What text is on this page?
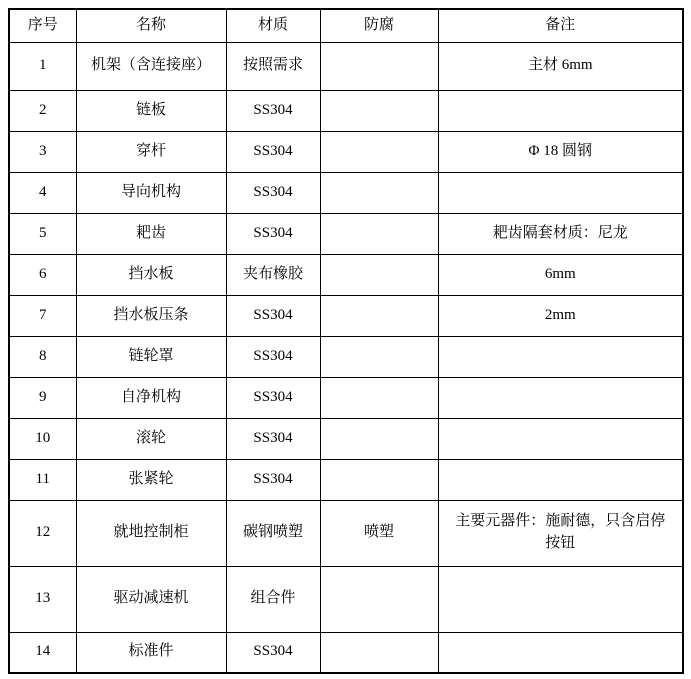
序号	名称	材质	防腐	备注
1	机架（含连接座）	按照需求		主材 6mm
2	链板	SS304		
3	穿杆	SS304		Φ 18 圆钢
4	导向机构	SS304		
5	耙齿	SS304		耙齿隔套材质：尼龙
6	挡水板	夹布橡胶		6mm
7	挡水板压条	SS304		2mm
8	链轮罩	SS304		
9	自净机构	SS304		
10	滚轮	SS304		
11	张紧轮	SS304		
12	就地控制柜	碳钢喷塑	喷塑	主要元器件：施耐德，只含启停按钮
13	驱动减速机	组合件		
14	标准件	SS304		
